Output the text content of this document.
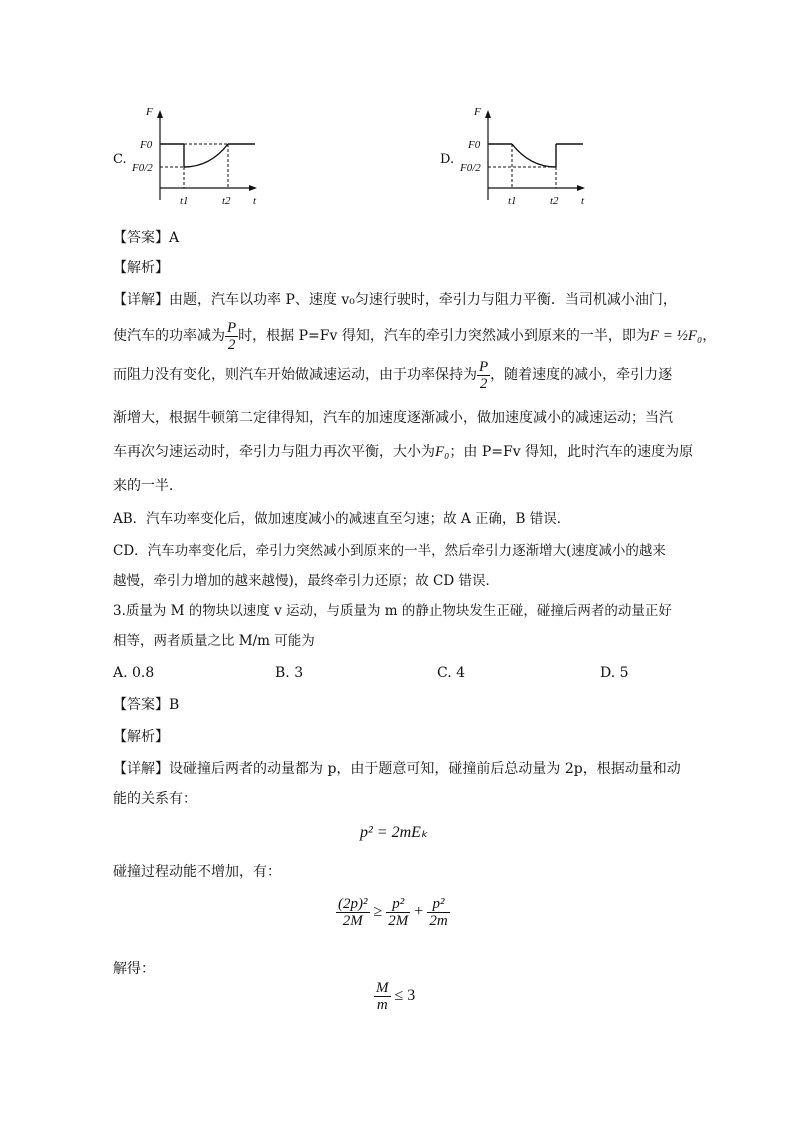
C.
F
F0
F0/2
t1	t2 t
D.
F
F0
F0/2
t1	t2 t
【答案】A
【解析】
【详解】由题，汽车以功率 P、速度 v₀匀速行驶时，牵引力与阻力平衡．当司机减小油门，
使汽车的功率减为 $\frac{P}{2}$ 时，根据 P=Fv 得知，汽车的牵引力突然减小到原来的一半，即为F = ½F₀，
而阻力没有变化，则汽车开始做减速运动，由于功率保持为 $\frac{P}{2}$ ，随着速度的减小，牵引力逐
渐增大，根据牛顿第二定律得知，汽车的加速度逐渐减小，做加速度减小的减速运动；当汽
车再次匀速运动时，牵引力与阻力再次平衡，大小为F₀；由 P=Fv 得知，此时汽车的速度为原
来的一半．
AB．汽车功率变化后，做加速度减小的减速直至匀速；故 A 正确，B 错误．
CD．汽车功率变化后，牵引力突然减小到原来的一半，然后牵引力逐渐增大(速度减小的越来
越慢，牵引力增加的越来越慢)，最终牵引力还原；故 CD 错误．
3.质量为 M 的物块以速度 v 运动，与质量为 m 的静止物块发生正碰，碰撞后两者的动量正好
相等，两者质量之比 M/m 可能为
A. 0.8	B. 3	C. 4	D. 5
【答案】B
【解析】
【详解】设碰撞后两者的动量都为 p，由于题意可知，碰撞前后总动量为 2p，根据动量和动
能的关系有：
p² = 2mEₖ
碰撞过程动能不增加，有：
$\frac{\text{(2p)²}}{2M} \ge \frac{\text{p²}}{2M} + \frac{\text{p²}}{2m}$
解得：
$\frac{M}{m} \le 3$
